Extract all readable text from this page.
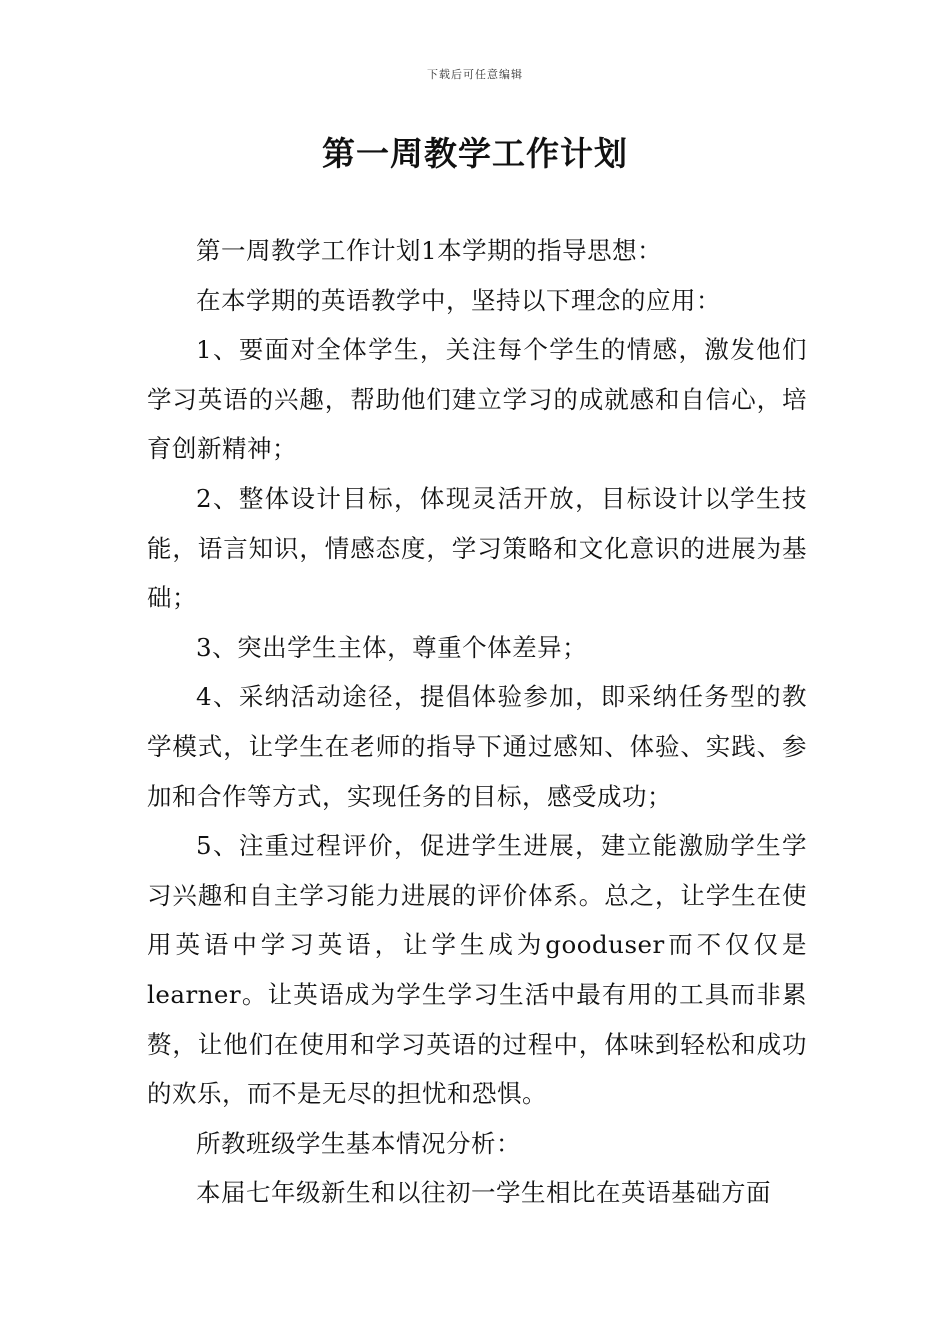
下载后可任意编辑
第一周教学工作计划

第一周教学工作计划1本学期的指导思想：

在本学期的英语教学中，坚持以下理念的应用：

1、要面对全体学生，关注每个学生的情感，激发他们学习英语的兴趣，帮助他们建立学习的成就感和自信心，培育创新精神；

2、整体设计目标，体现灵活开放，目标设计以学生技能，语言知识，情感态度，学习策略和文化意识的进展为基础；

3、突出学生主体，尊重个体差异；

4、采纳活动途径，提倡体验参加，即采纳任务型的教学模式，让学生在老师的指导下通过感知、体验、实践、参加和合作等方式，实现任务的目标，感受成功；

5、注重过程评价，促进学生进展，建立能激励学生学习兴趣和自主学习能力进展的评价体系。总之，让学生在使用英语中学习英语，让学生成为gooduser而不仅仅是learner。让英语成为学生学习生活中最有用的工具而非累赘，让他们在使用和学习英语的过程中，体味到轻松和成功的欢乐，而不是无尽的担忧和恐惧。

所教班级学生基本情况分析：

本届七年级新生和以往初一学生相比在英语基础方面
